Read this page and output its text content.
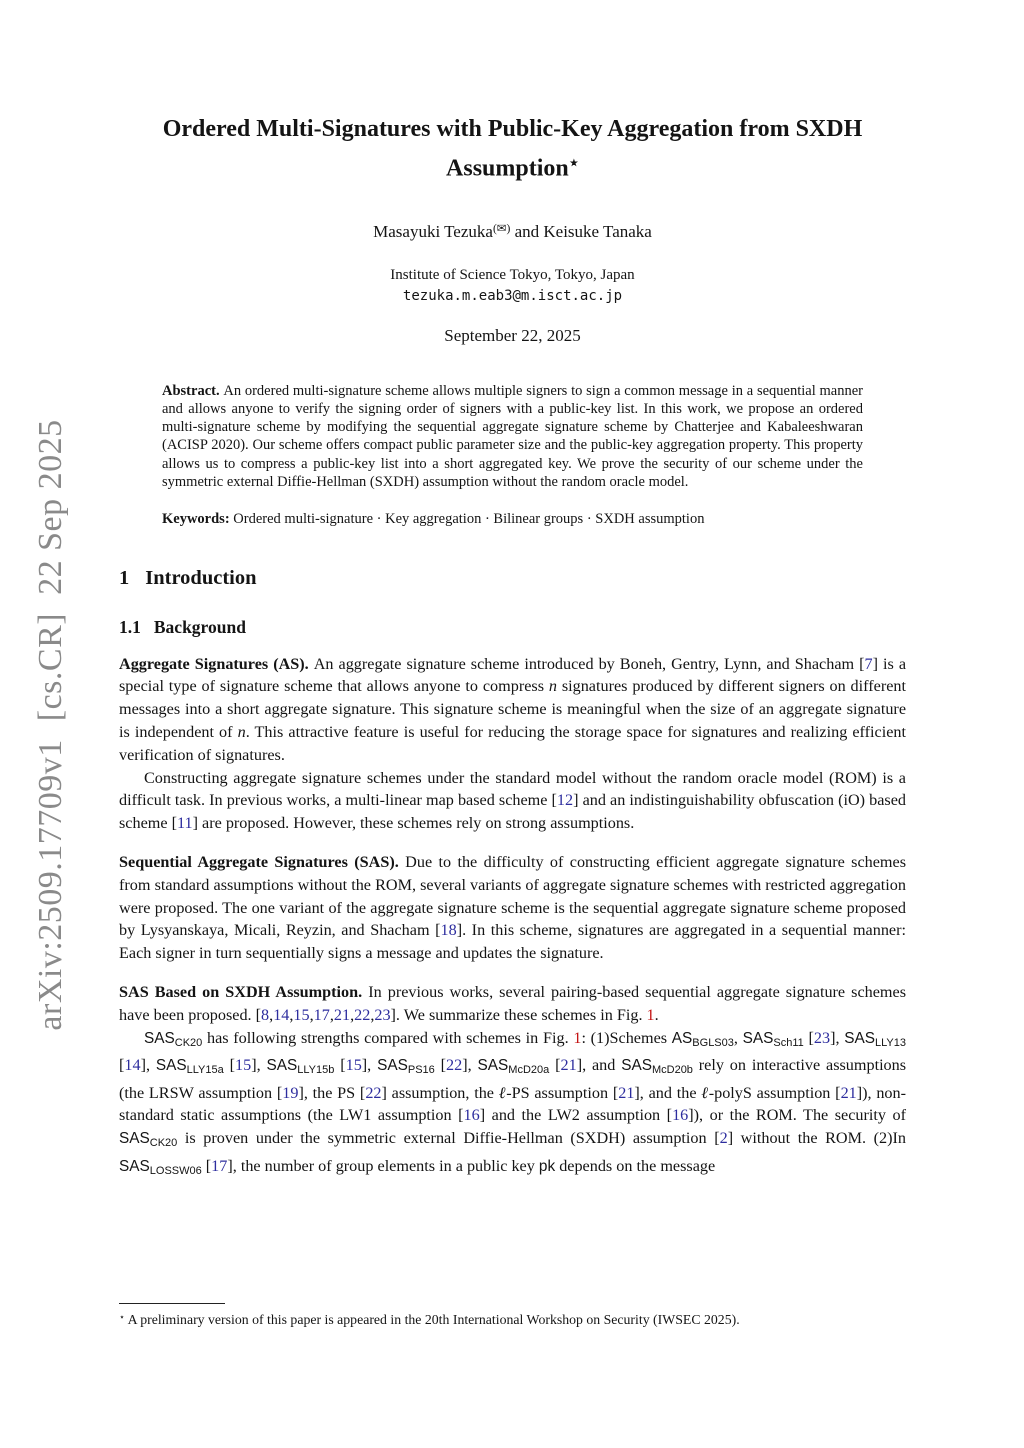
arXiv:2509.17709v1  [cs.CR]  22 Sep 2025
Ordered Multi-Signatures with Public-Key Aggregation from SXDH Assumption⋆
Masayuki Tezuka(✉) and Keisuke Tanaka
Institute of Science Tokyo, Tokyo, Japan
tezuka.m.eab3@m.isct.ac.jp
September 22, 2025
Abstract. An ordered multi-signature scheme allows multiple signers to sign a common message in a sequential manner and allows anyone to verify the signing order of signers with a public-key list. In this work, we propose an ordered multi-signature scheme by modifying the sequential aggregate signature scheme by Chatterjee and Kabaleeshwaran (ACISP 2020). Our scheme offers compact public parameter size and the public-key aggregation property. This property allows us to compress a public-key list into a short aggregated key. We prove the security of our scheme under the symmetric external Diffie-Hellman (SXDH) assumption without the random oracle model.
Keywords: Ordered multi-signature · Key aggregation · Bilinear groups · SXDH assumption
1 Introduction
1.1 Background

Aggregate Signatures (AS). An aggregate signature scheme introduced by Boneh, Gentry, Lynn, and Shacham [7] is a special type of signature scheme that allows anyone to compress n signatures produced by different signers on different messages into a short aggregate signature. This signature scheme is meaningful when the size of an aggregate signature is independent of n. This attractive feature is useful for reducing the storage space for signatures and realizing efficient verification of signatures.

Constructing aggregate signature schemes under the standard model without the random oracle model (ROM) is a difficult task. In previous works, a multi-linear map based scheme [12] and an indistinguishability obfuscation (iO) based scheme [11] are proposed. However, these schemes rely on strong assumptions.

Sequential Aggregate Signatures (SAS). Due to the difficulty of constructing efficient aggregate signature schemes from standard assumptions without the ROM, several variants of aggregate signature schemes with restricted aggregation were proposed. The one variant of the aggregate signature scheme is the sequential aggregate signature scheme proposed by Lysyanskaya, Micali, Reyzin, and Shacham [18]. In this scheme, signatures are aggregated in a sequential manner: Each signer in turn sequentially signs a message and updates the signature.

SAS Based on SXDH Assumption. In previous works, several pairing-based sequential aggregate signature schemes have been proposed. [8,14,15,17,21,22,23]. We summarize these schemes in Fig. 1.

SASCK20 has following strengths compared with schemes in Fig. 1: (1)Schemes ASBGLS03, SASSch11 [23], SASLLY13 [14], SASLLY15a [15], SASLLY15b [15], SASPS16 [22], SASMcD20a [21], and SASMcD20b rely on interactive assumptions (the LRSW assumption [19], the PS [22] assumption, the ℓ-PS assumption [21], and the ℓ-polyS assumption [21]), non-standard static assumptions (the LW1 assumption [16] and the LW2 assumption [16]), or the ROM. The security of SASCK20 is proven under the symmetric external Diffie-Hellman (SXDH) assumption [2] without the ROM. (2)In SASLOSSW06 [17], the number of group elements in a public key pk depends on the message

⋆ A preliminary version of this paper is appeared in the 20th International Workshop on Security (IWSEC 2025).
